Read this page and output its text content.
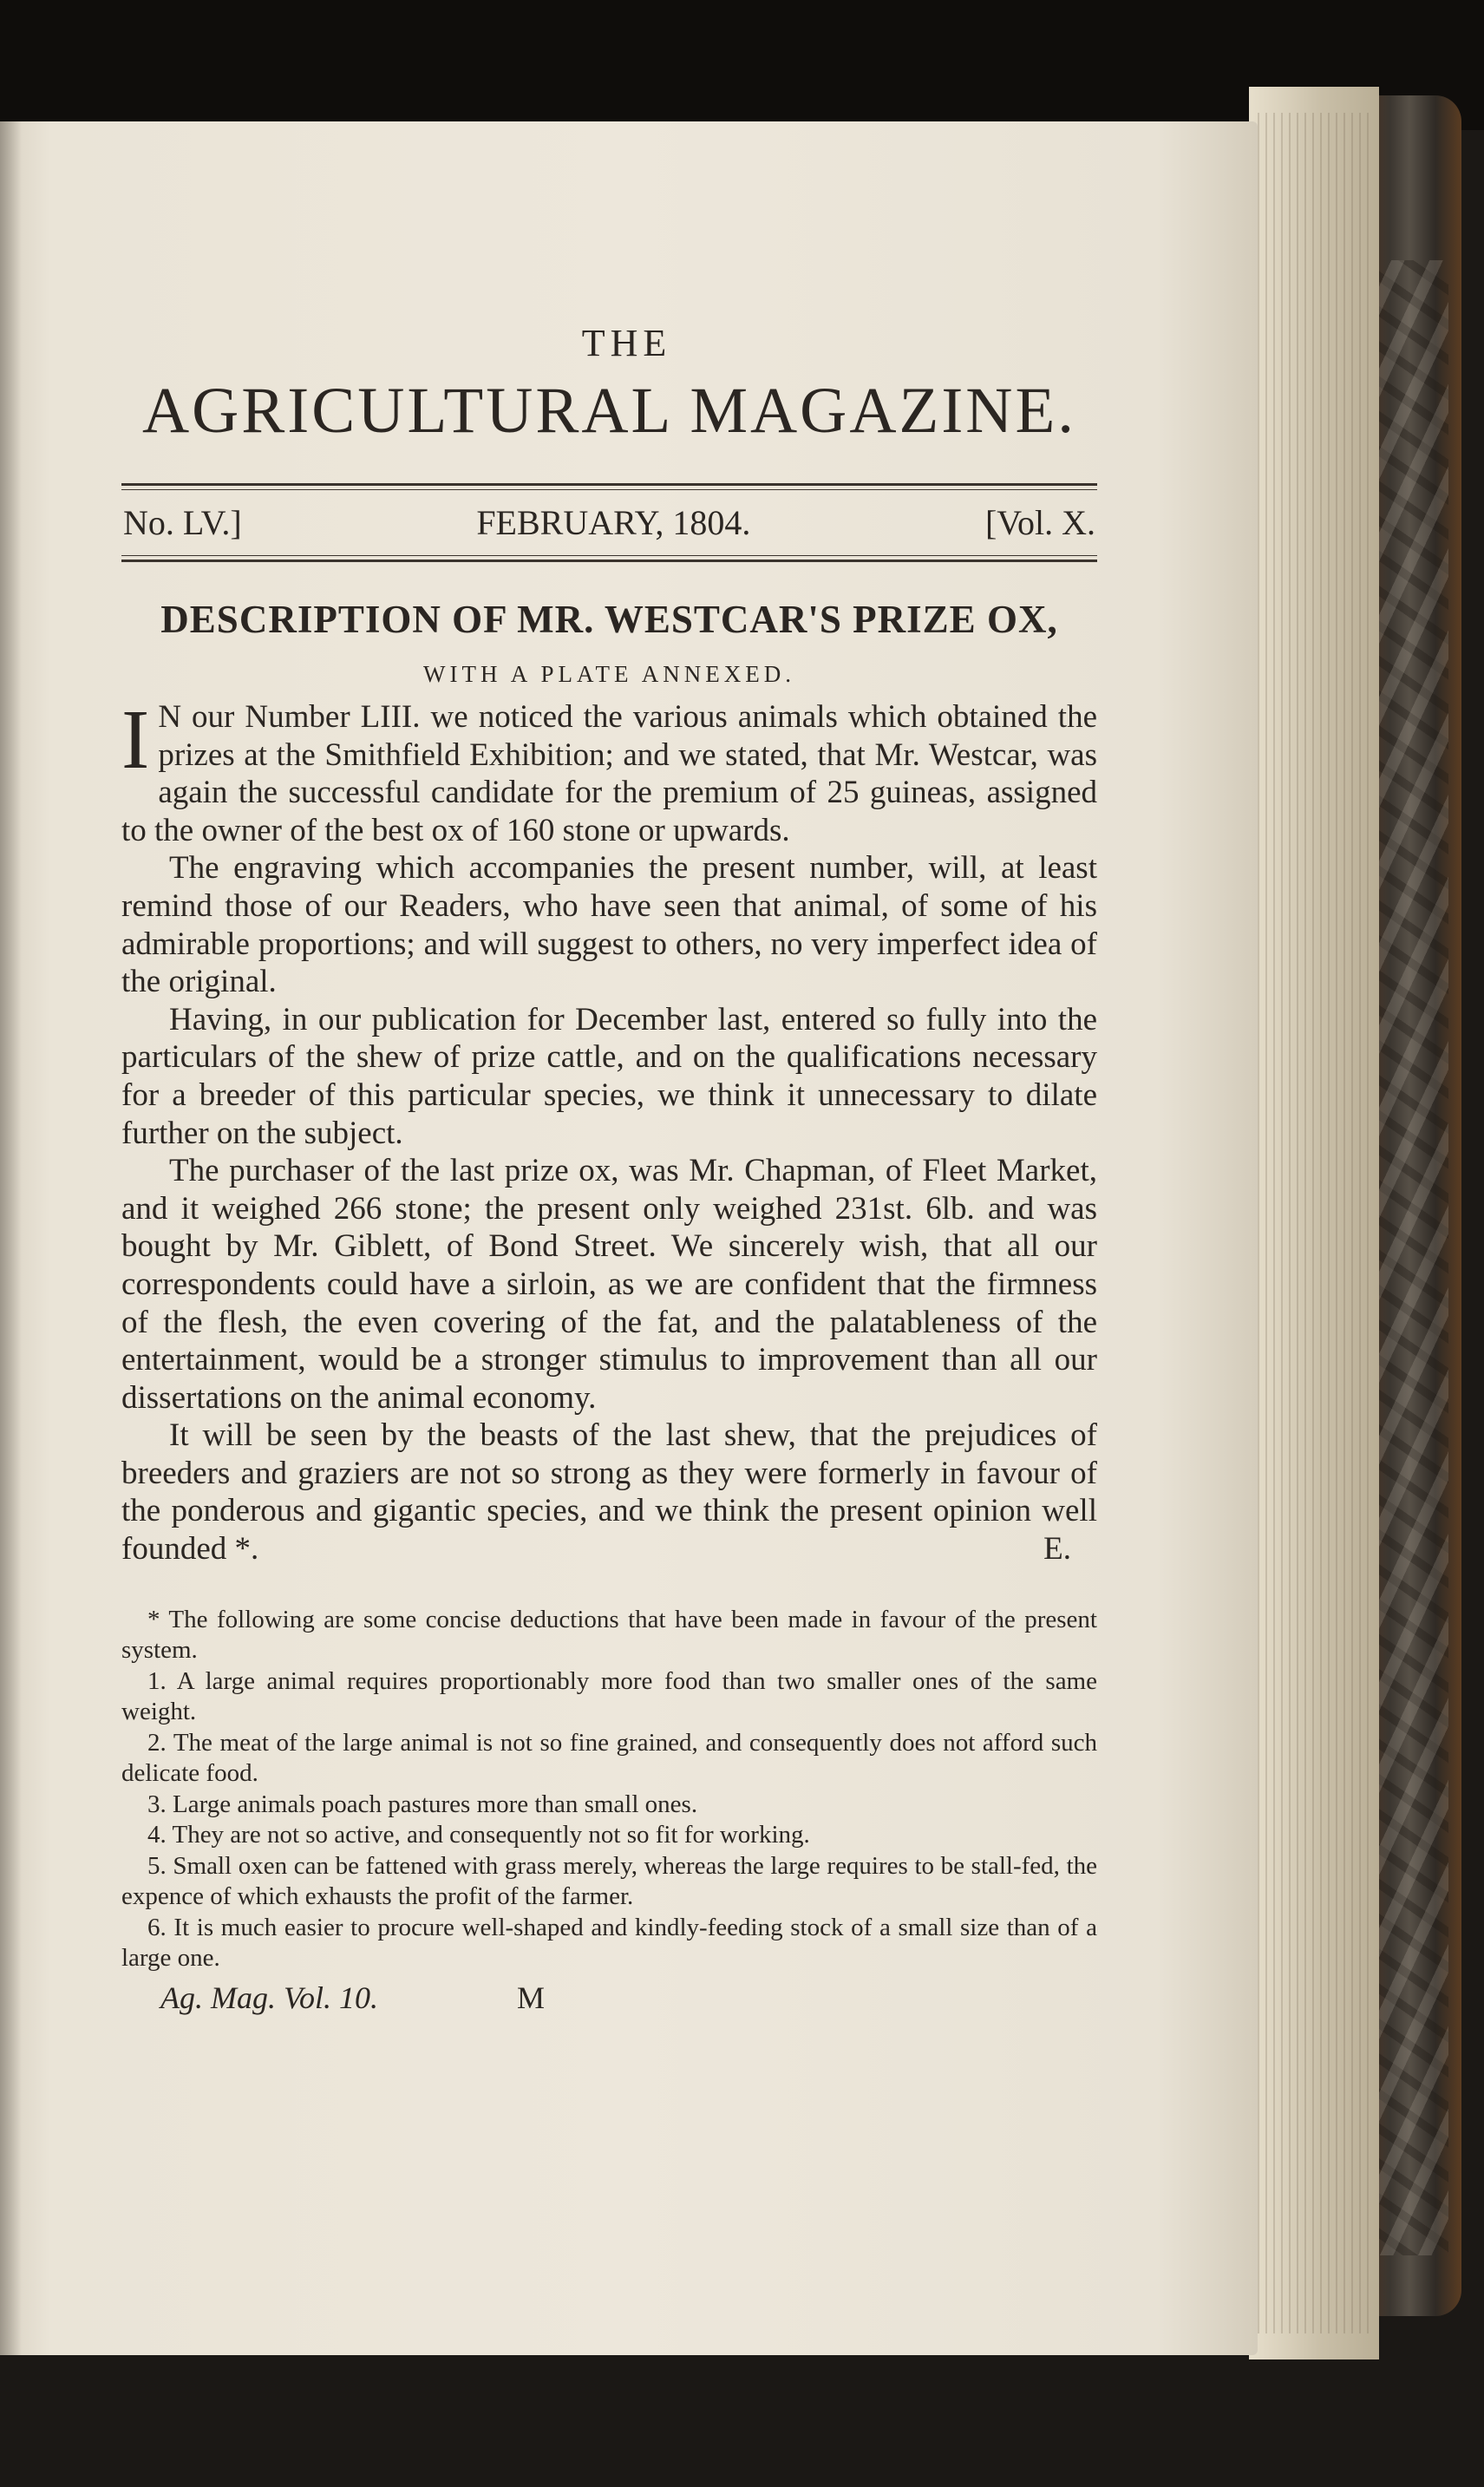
THE
AGRICULTURAL MAGAZINE.
No. LV.]	FEBRUARY, 1804.	[Vol. X.
DESCRIPTION OF MR. WESTCAR'S PRIZE OX,
WITH A PLATE ANNEXED.

I N our Number LIII. we noticed the various animals which obtained the prizes at the Smithfield Exhibition; and we stated, that Mr. Westcar, was again the successful candidate for the premium of 25 guineas, assigned to the owner of the best ox of 160 stone or upwards.

The engraving which accompanies the present number, will, at least remind those of our Readers, who have seen that animal, of some of his admirable proportions; and will suggest to others, no very imperfect idea of the original.

Having, in our publication for December last, entered so fully into the particulars of the shew of prize cattle, and on the qualifications necessary for a breeder of this particular species, we think it unnecessary to dilate further on the subject.

The purchaser of the last prize ox, was Mr. Chapman, of Fleet Market, and it weighed 266 stone; the present only weighed 231st. 6lb. and was bought by Mr. Giblett, of Bond Street. We sincerely wish, that all our correspondents could have a sirloin, as we are confident that the firmness of the flesh, the even covering of the fat, and the palatableness of the entertainment, would be a stronger stimulus to improvement than all our dissertations on the animal economy.

It will be seen by the beasts of the last shew, that the prejudices of breeders and graziers are not so strong as they were formerly in favour of the ponderous and gigantic species, and we think the present opinion well founded *.	E.

* The following are some concise deductions that have been made in favour of the present system.

1. A large animal requires proportionably more food than two smaller ones of the same weight.

2. The meat of the large animal is not so fine grained, and consequently does not afford such delicate food.

3. Large animals poach pastures more than small ones.

4. They are not so active, and consequently not so fit for working.

5. Small oxen can be fattened with grass merely, whereas the large requires to be stall-fed, the expence of which exhausts the profit of the farmer.

6. It is much easier to procure well-shaped and kindly-feeding stock of a small size than of a large one.

Ag. Mag. Vol. 10.	M
